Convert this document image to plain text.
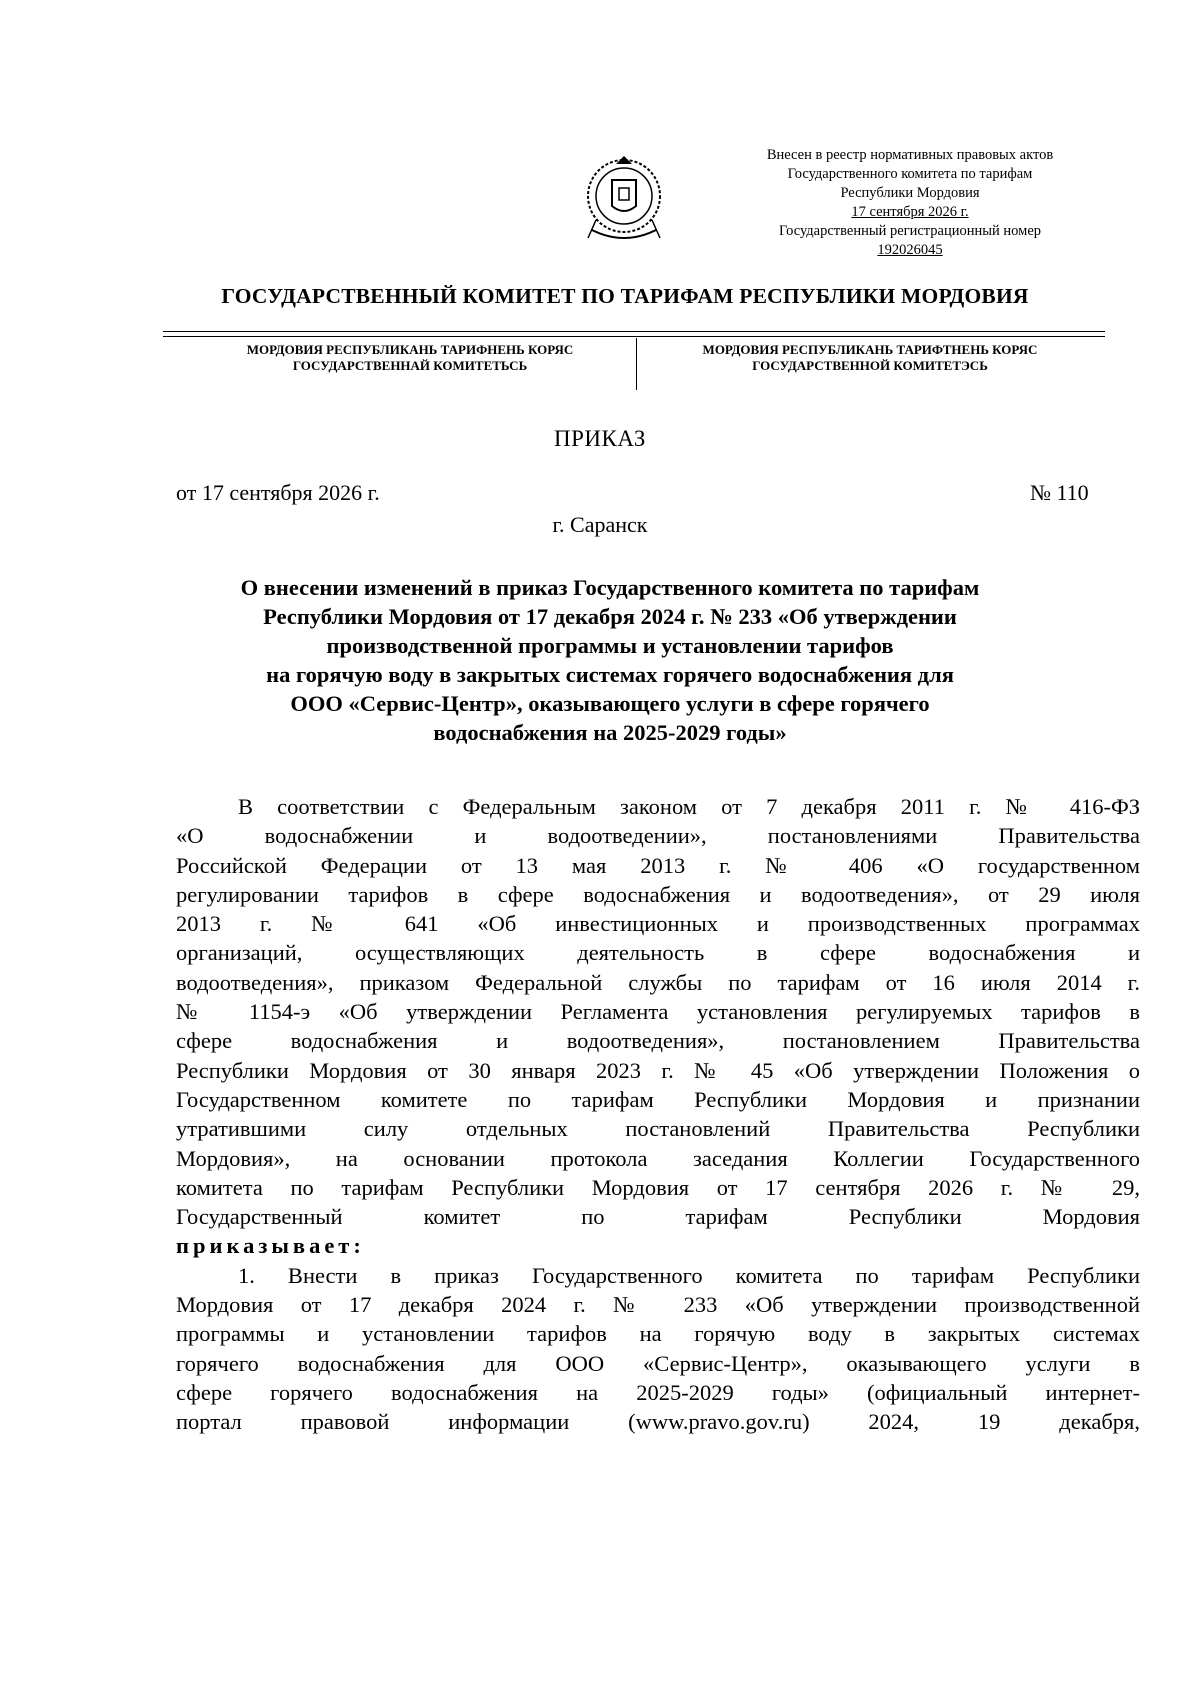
Внесен в реестр нормативных правовых актов
Государственного комитета по тарифам
Республики Мордовия
17 сентября 2026 г.
Государственный регистрационный номер
192026045
ГОСУДАРСТВЕННЫЙ КОМИТЕТ ПО ТАРИФАМ РЕСПУБЛИКИ МОРДОВИЯ
МОРДОВИЯ РЕСПУБЛИКАНЬ ТАРИФНЕНЬ КОРЯС
ГОСУДАРСТВЕННАЙ КОМИТЕТЬСЬ
МОРДОВИЯ РЕСПУБЛИКАНЬ ТАРИФТНЕНЬ КОРЯС
ГОСУДАРСТВЕННОЙ КОМИТЕТЭСЬ
ПРИКАЗ
от 17 сентября 2026 г.	№ 110
г. Саранск
О внесении изменений в приказ Государственного комитета по тарифам
Республики Мордовия от 17 декабря 2024 г. № 233 «Об утверждении
производственной программы и установлении тарифов
на горячую воду в закрытых системах горячего водоснабжения для
ООО «Сервис-Центр», оказывающего услуги в сфере горячего
водоснабжения на 2025-2029 годы»
В соответствии с Федеральным законом от 7 декабря 2011 г. № 416-ФЗ
«О водоснабжении и водоотведении», постановлениями Правительства
Российской Федерации от 13 мая 2013 г. № 406 «О государственном
регулировании тарифов в сфере водоснабжения и водоотведения», от 29 июля
2013 г. № 641 «Об инвестиционных и производственных программах
организаций, осуществляющих деятельность в сфере водоснабжения и
водоотведения», приказом Федеральной службы по тарифам от 16 июля 2014 г.
№ 1154-э «Об утверждении Регламента установления регулируемых тарифов в
сфере водоснабжения и водоотведения», постановлением Правительства
Республики Мордовия от 30 января 2023 г. № 45 «Об утверждении Положения о
Государственном комитете по тарифам Республики Мордовия и признании
утратившими силу отдельных постановлений Правительства Республики
Мордовия», на основании протокола заседания Коллегии Государственного
комитета по тарифам Республики Мордовия от 17 сентября 2026 г. № 29,
Государственный комитет по тарифам Республики Мордовия
приказывает:
1. Внести в приказ Государственного комитета по тарифам Республики
Мордовия от 17 декабря 2024 г. № 233 «Об утверждении производственной
программы и установлении тарифов на горячую воду в закрытых системах
горячего водоснабжения для ООО «Сервис-Центр», оказывающего услуги в
сфере горячего водоснабжения на 2025-2029 годы» (официальный интернет-
портал правовой информации (www.pravo.gov.ru) 2024, 19 декабря,
